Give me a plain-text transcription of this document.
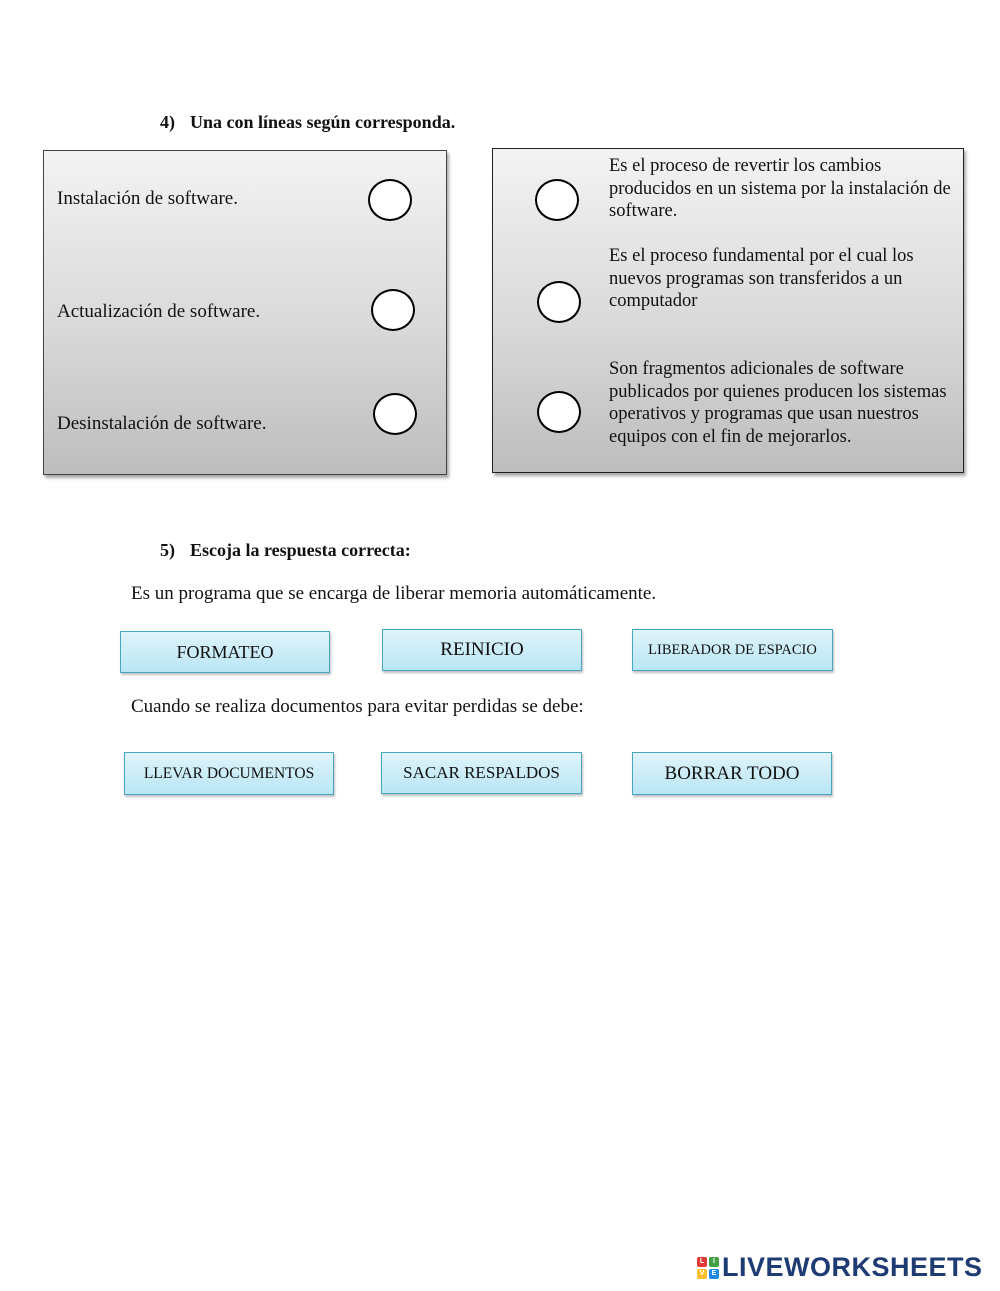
4) Una con líneas según corresponda.
Instalación de software.
Actualización de software.
Desinstalación de software.
Es el proceso de revertir los cambios producidos en un sistema por la instalación de software.
Es el proceso fundamental por el cual los nuevos programas son transferidos a un computador
Son fragmentos adicionales de software publicados por quienes producen los sistemas operativos y programas que usan nuestros equipos con el fin de mejorarlos.
5) Escoja la respuesta correcta:
Es un programa que se encarga de liberar memoria automáticamente.
FORMATEO	REINICIO	LIBERADOR DE ESPACIO
Cuando se realiza documentos para evitar perdidas se debe:
LLEVAR DOCUMENTOS	SACAR RESPALDOS	BORRAR TODO
L	I
V	E LIVEWORKSHEETS
